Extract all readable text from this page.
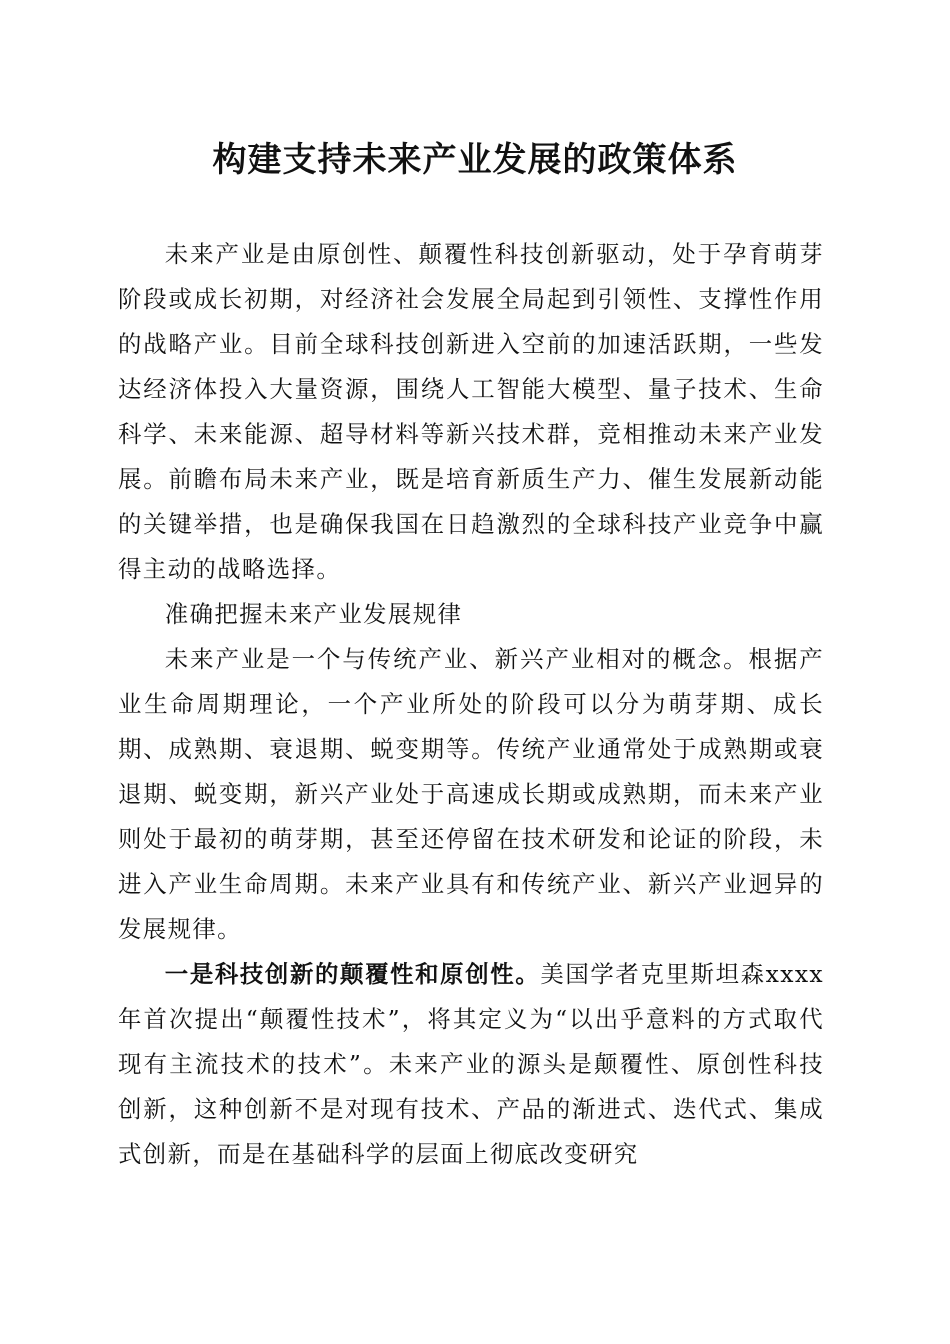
构建支持未来产业发展的政策体系

未来产业是由原创性、颠覆性科技创新驱动，处于孕育萌芽阶段或成长初期，对经济社会发展全局起到引领性、支撑性作用的战略产业。目前全球科技创新进入空前的加速活跃期，一些发达经济体投入大量资源，围绕人工智能大模型、量子技术、生命科学、未来能源、超导材料等新兴技术群，竞相推动未来产业发展。前瞻布局未来产业，既是培育新质生产力、催生发展新动能的关键举措，也是确保我国在日趋激烈的全球科技产业竞争中赢得主动的战略选择。

准确把握未来产业发展规律

未来产业是一个与传统产业、新兴产业相对的概念。根据产业生命周期理论，一个产业所处的阶段可以分为萌芽期、成长期、成熟期、衰退期、蜕变期等。传统产业通常处于成熟期或衰退期、蜕变期，新兴产业处于高速成长期或成熟期，而未来产业则处于最初的萌芽期，甚至还停留在技术研发和论证的阶段，未进入产业生命周期。未来产业具有和传统产业、新兴产业迥异的发展规律。

一是科技创新的颠覆性和原创性。美国学者克里斯坦森xxxx年首次提出“颠覆性技术”，将其定义为“以出乎意料的方式取代现有主流技术的技术”。未来产业的源头是颠覆性、原创性科技创新，这种创新不是对现有技术、产品的渐进式、迭代式、集成式创新，而是在基础科学的层面上彻底改变研究
